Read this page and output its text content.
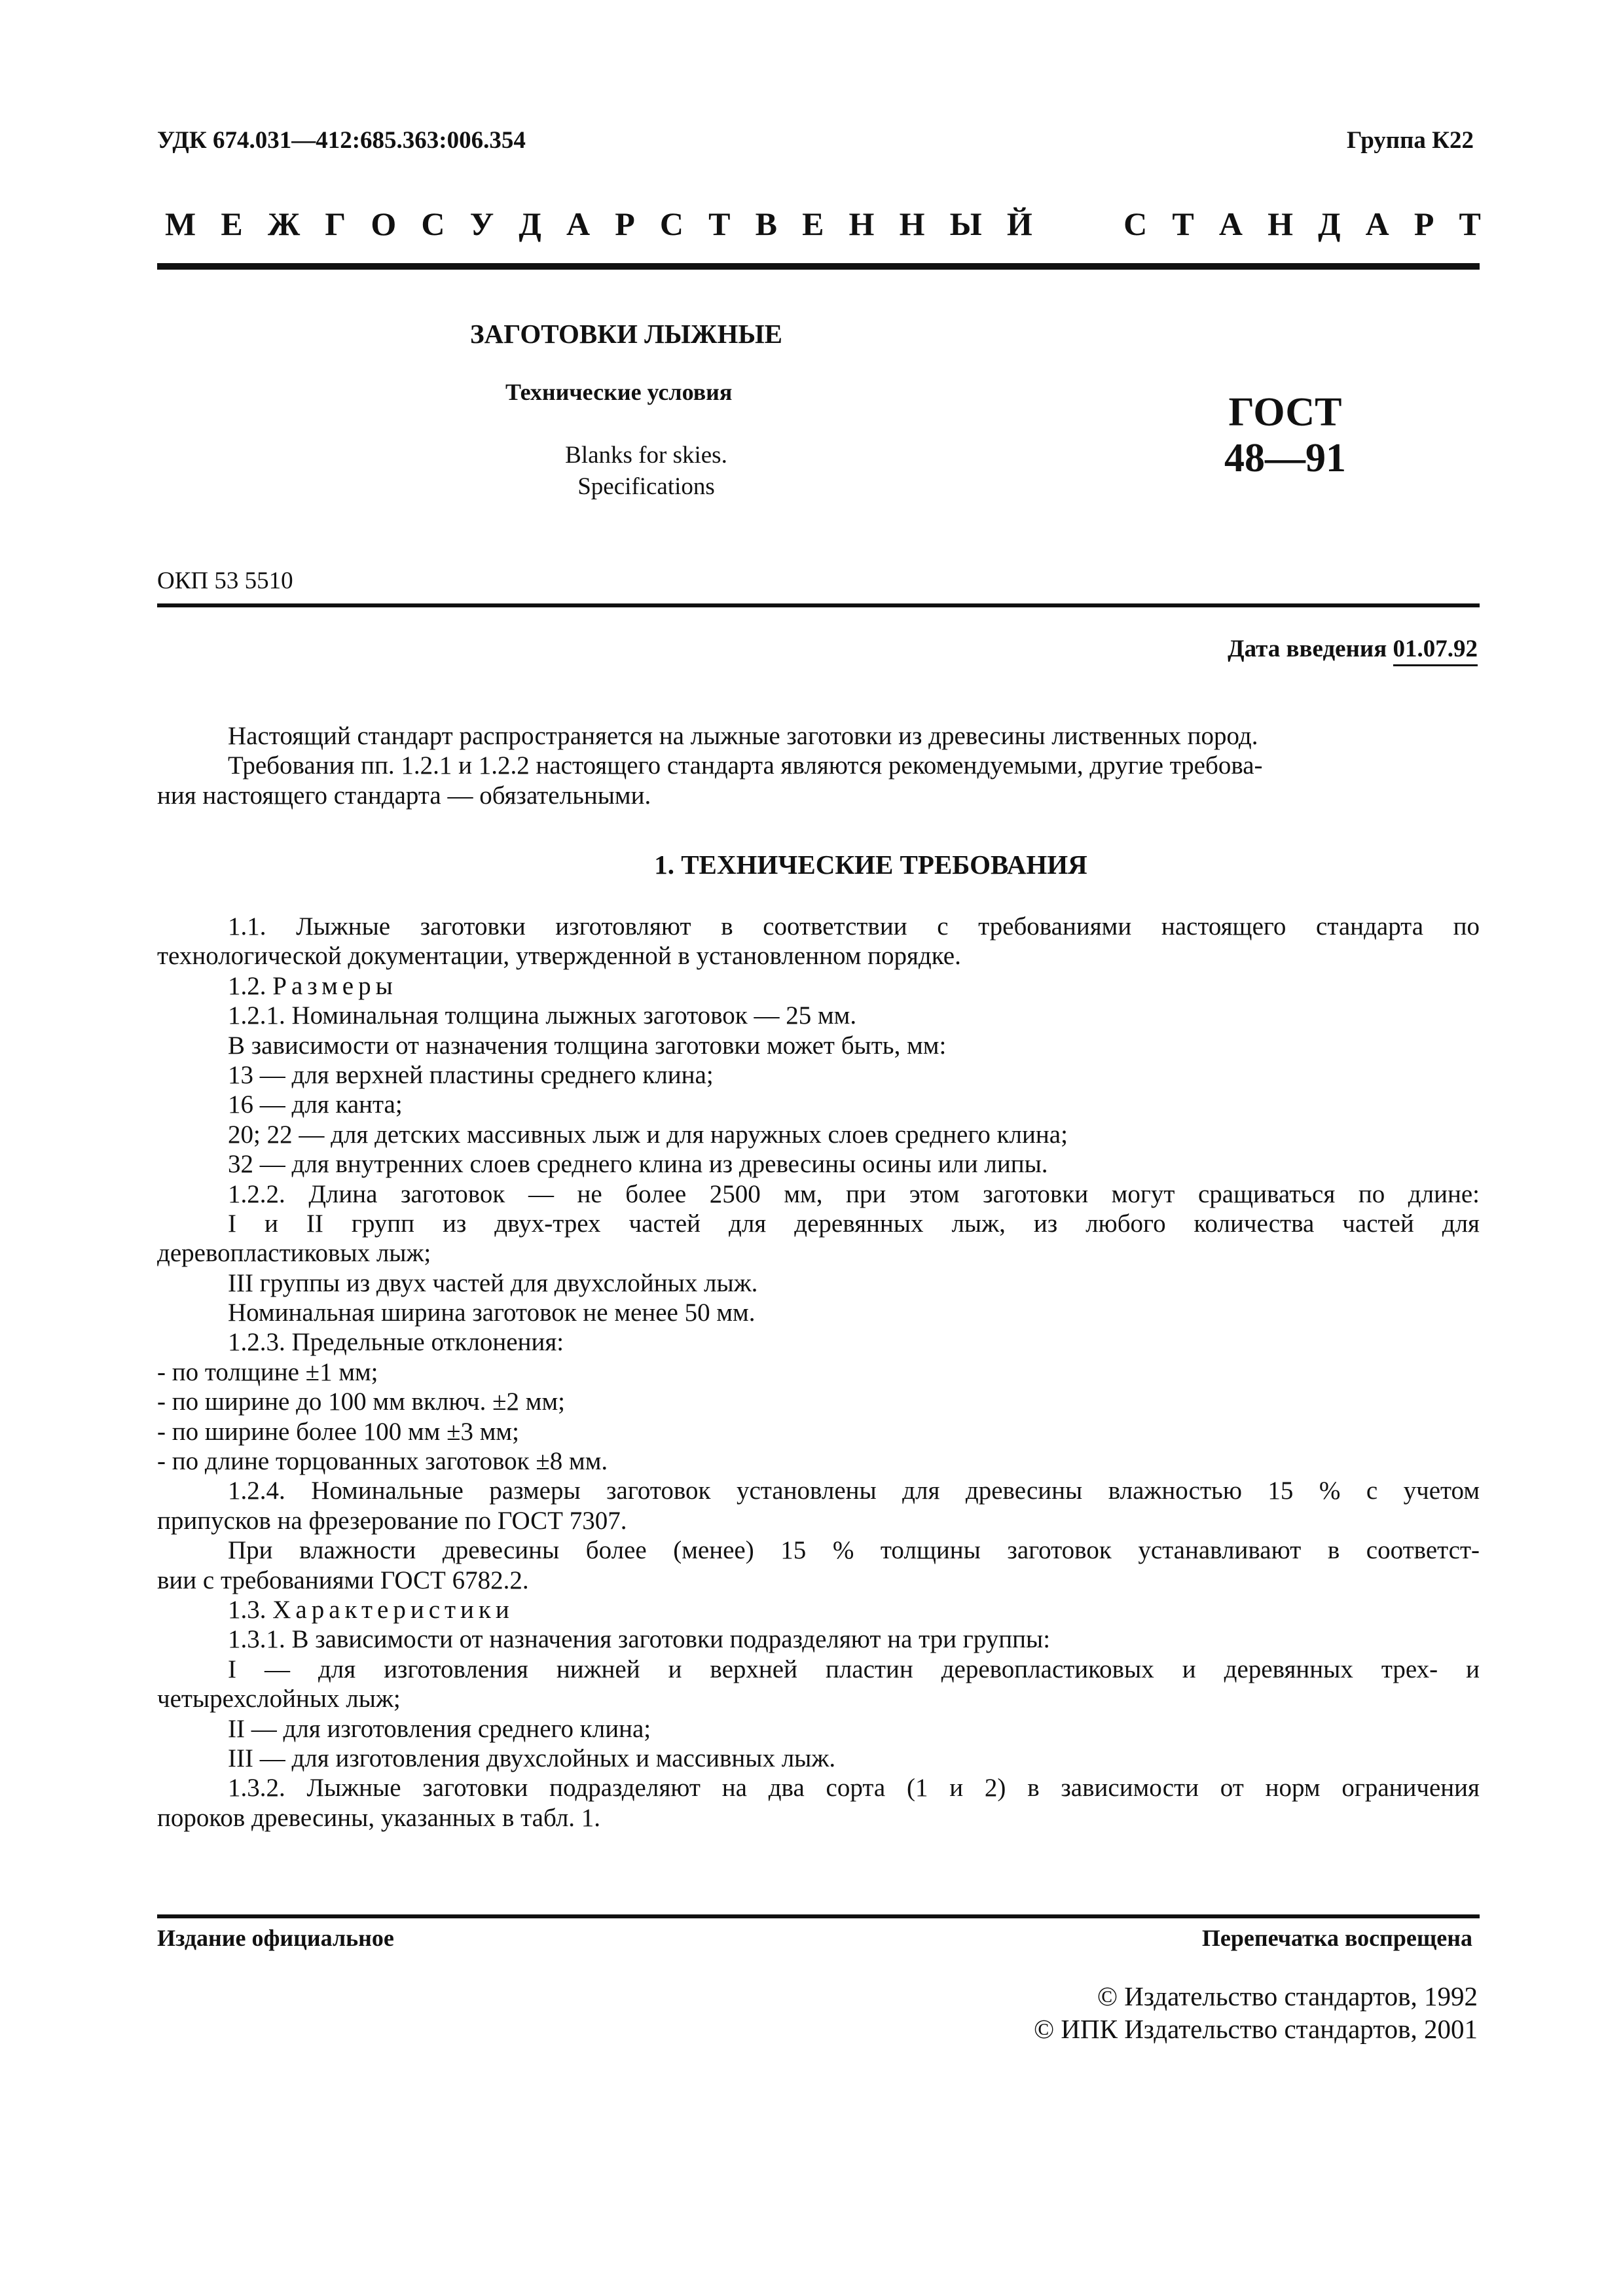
УДК 674.031—412:685.363:006.354	Группа К22
М Е Ж Г О С У Д А Р С Т В Е Н Н Ы Й

	С Т А Н Д А Р Т
ЗАГОТОВКИ ЛЫЖНЫЕ
Технические условия
Blanks for skies.
Specifications
ГОСТ
48—91
ОКП 53 5510
Дата введения 01.07.92
Настоящий стандарт распространяется на лыжные заготовки из древесины лиственных пород.
Требования пп. 1.2.1 и 1.2.2 настоящего стандарта являются рекомендуемыми, другие требова-
ния настоящего стандарта — обязательными.
1. ТЕХНИЧЕСКИЕ ТРЕБОВАНИЯ
1.1. Лыжные заготовки изготовляют в соответствии с требованиями настоящего стандарта по
технологической документации, утвержденной в установленном порядке.
1.2. Размеры
1.2.1. Номинальная толщина лыжных заготовок — 25 мм.
В зависимости от назначения толщина заготовки может быть, мм:
13 — для верхней пластины среднего клина;
16 — для канта;
20; 22 — для детских массивных лыж и для наружных слоев среднего клина;
32 — для внутренних слоев среднего клина из древесины осины или липы.
1.2.2. Длина заготовок — не более 2500 мм, при этом заготовки могут сращиваться по длине:
I и II групп из двух-трех частей для деревянных лыж, из любого количества частей для
деревопластиковых лыж;
III группы из двух частей для двухслойных лыж.
Номинальная ширина заготовок не менее 50 мм.
1.2.3. Предельные отклонения:
- по толщине ±1 мм;
- по ширине до 100 мм включ. ±2 мм;
- по ширине более 100 мм ±3 мм;
- по длине торцованных заготовок ±8 мм.
1.2.4. Номинальные размеры заготовок установлены для древесины влажностью 15 % с учетом
припусков на фрезерование по ГОСТ 7307.
При влажности древесины более (менее) 15 % толщины заготовок устанавливают в соответст-
вии с требованиями ГОСТ 6782.2.
1.3. Характеристики
1.3.1. В зависимости от назначения заготовки подразделяют на три группы:
I — для изготовления нижней и верхней пластин деревопластиковых и деревянных трех- и
четырехслойных лыж;
II — для изготовления среднего клина;
III — для изготовления двухслойных и массивных лыж.
1.3.2. Лыжные заготовки подразделяют на два сорта (1 и 2) в зависимости от норм ограничения
пороков древесины, указанных в табл. 1.
Издание официальное	Перепечатка воспрещена
© Издательство стандартов, 1992
© ИПК Издательство стандартов, 2001
